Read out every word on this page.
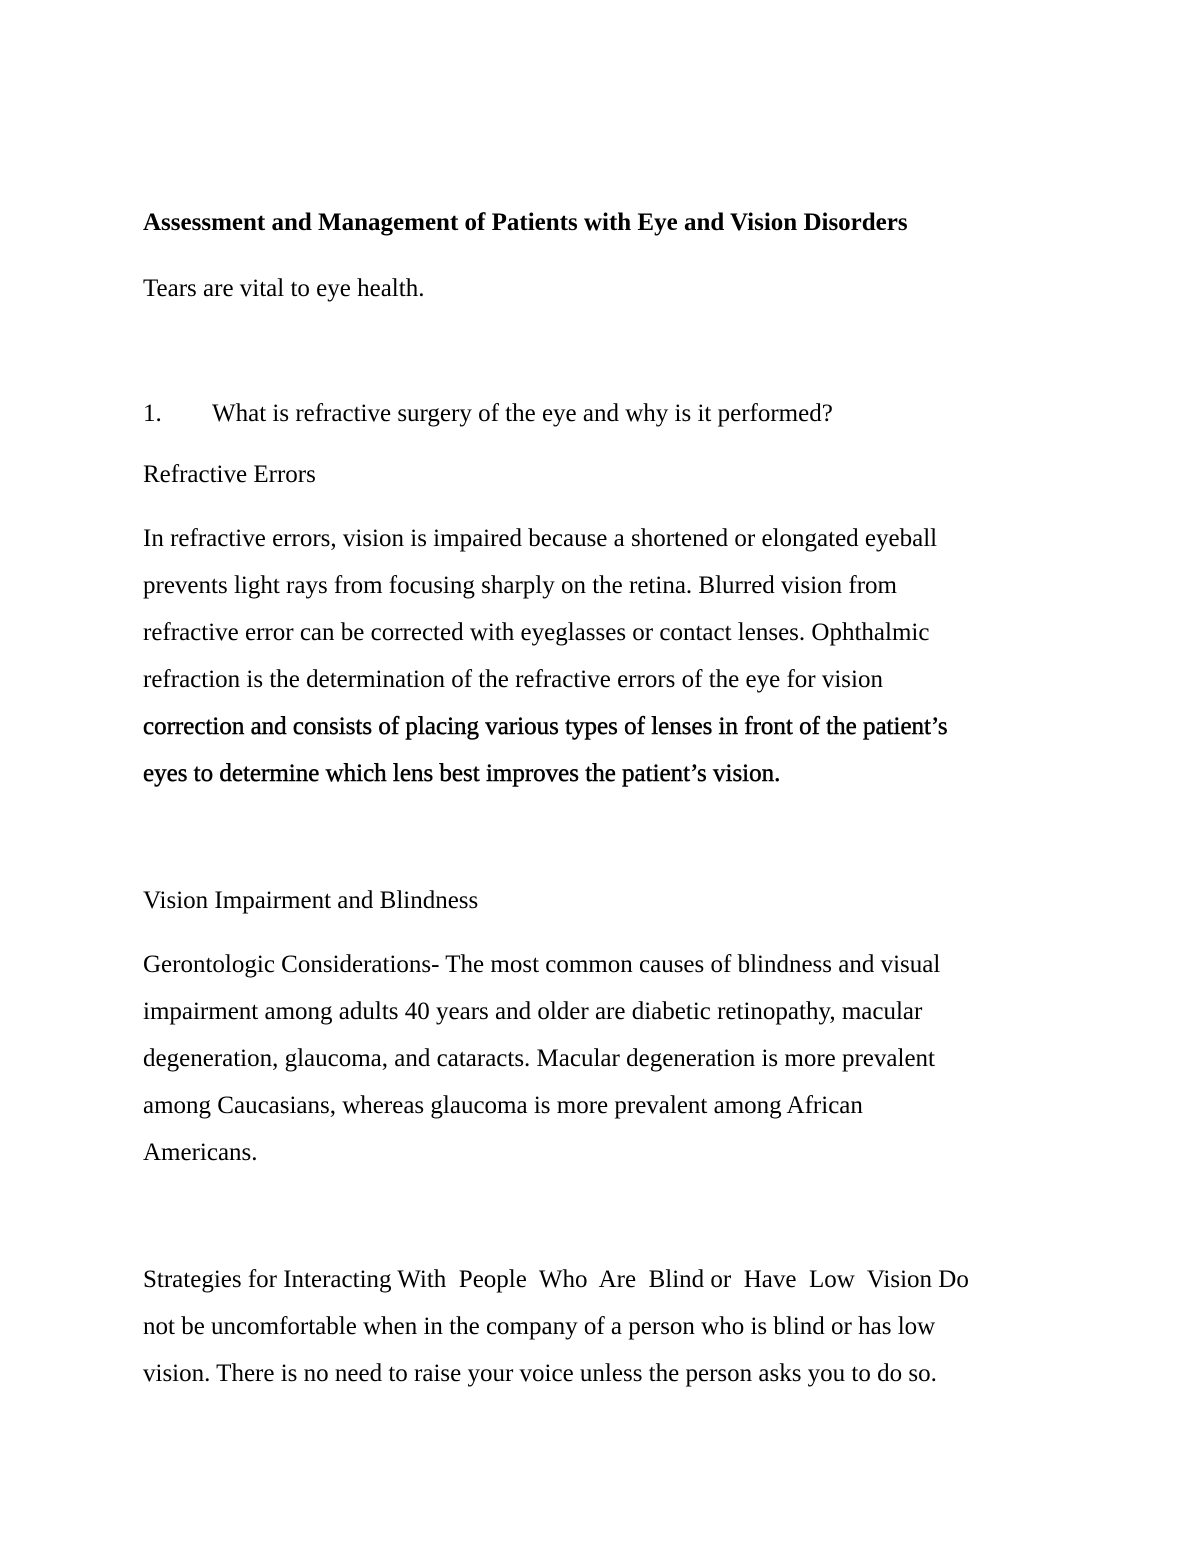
Assessment and Management of Patients with Eye and Vision Disorders
Tears are vital to eye health.
1. What is refractive surgery of the eye and why is it performed?
Refractive Errors
In refractive errors, vision is impaired because a shortened or elongated eyeball
prevents light rays from focusing sharply on the retina. Blurred vision from
refractive error can be corrected with eyeglasses or contact lenses. Ophthalmic
refraction is the determination of the refractive errors of the eye for vision
correction and consists of placing various types of lenses in front of the patient’s
eyes to determine which lens best improves the patient’s vision.
Vision Impairment and Blindness
Gerontologic Considerations- The most common causes of blindness and visual
impairment among adults 40 years and older are diabetic retinopathy, macular
degeneration, glaucoma, and cataracts. Macular degeneration is more prevalent
among Caucasians, whereas glaucoma is more prevalent among African
Americans.
Strategies for Interacting With  People  Who  Are  Blind or  Have  Low  Vision Do
not be uncomfortable when in the company of a person who is blind or has low
vision. There is no need to raise your voice unless the person asks you to do so.
